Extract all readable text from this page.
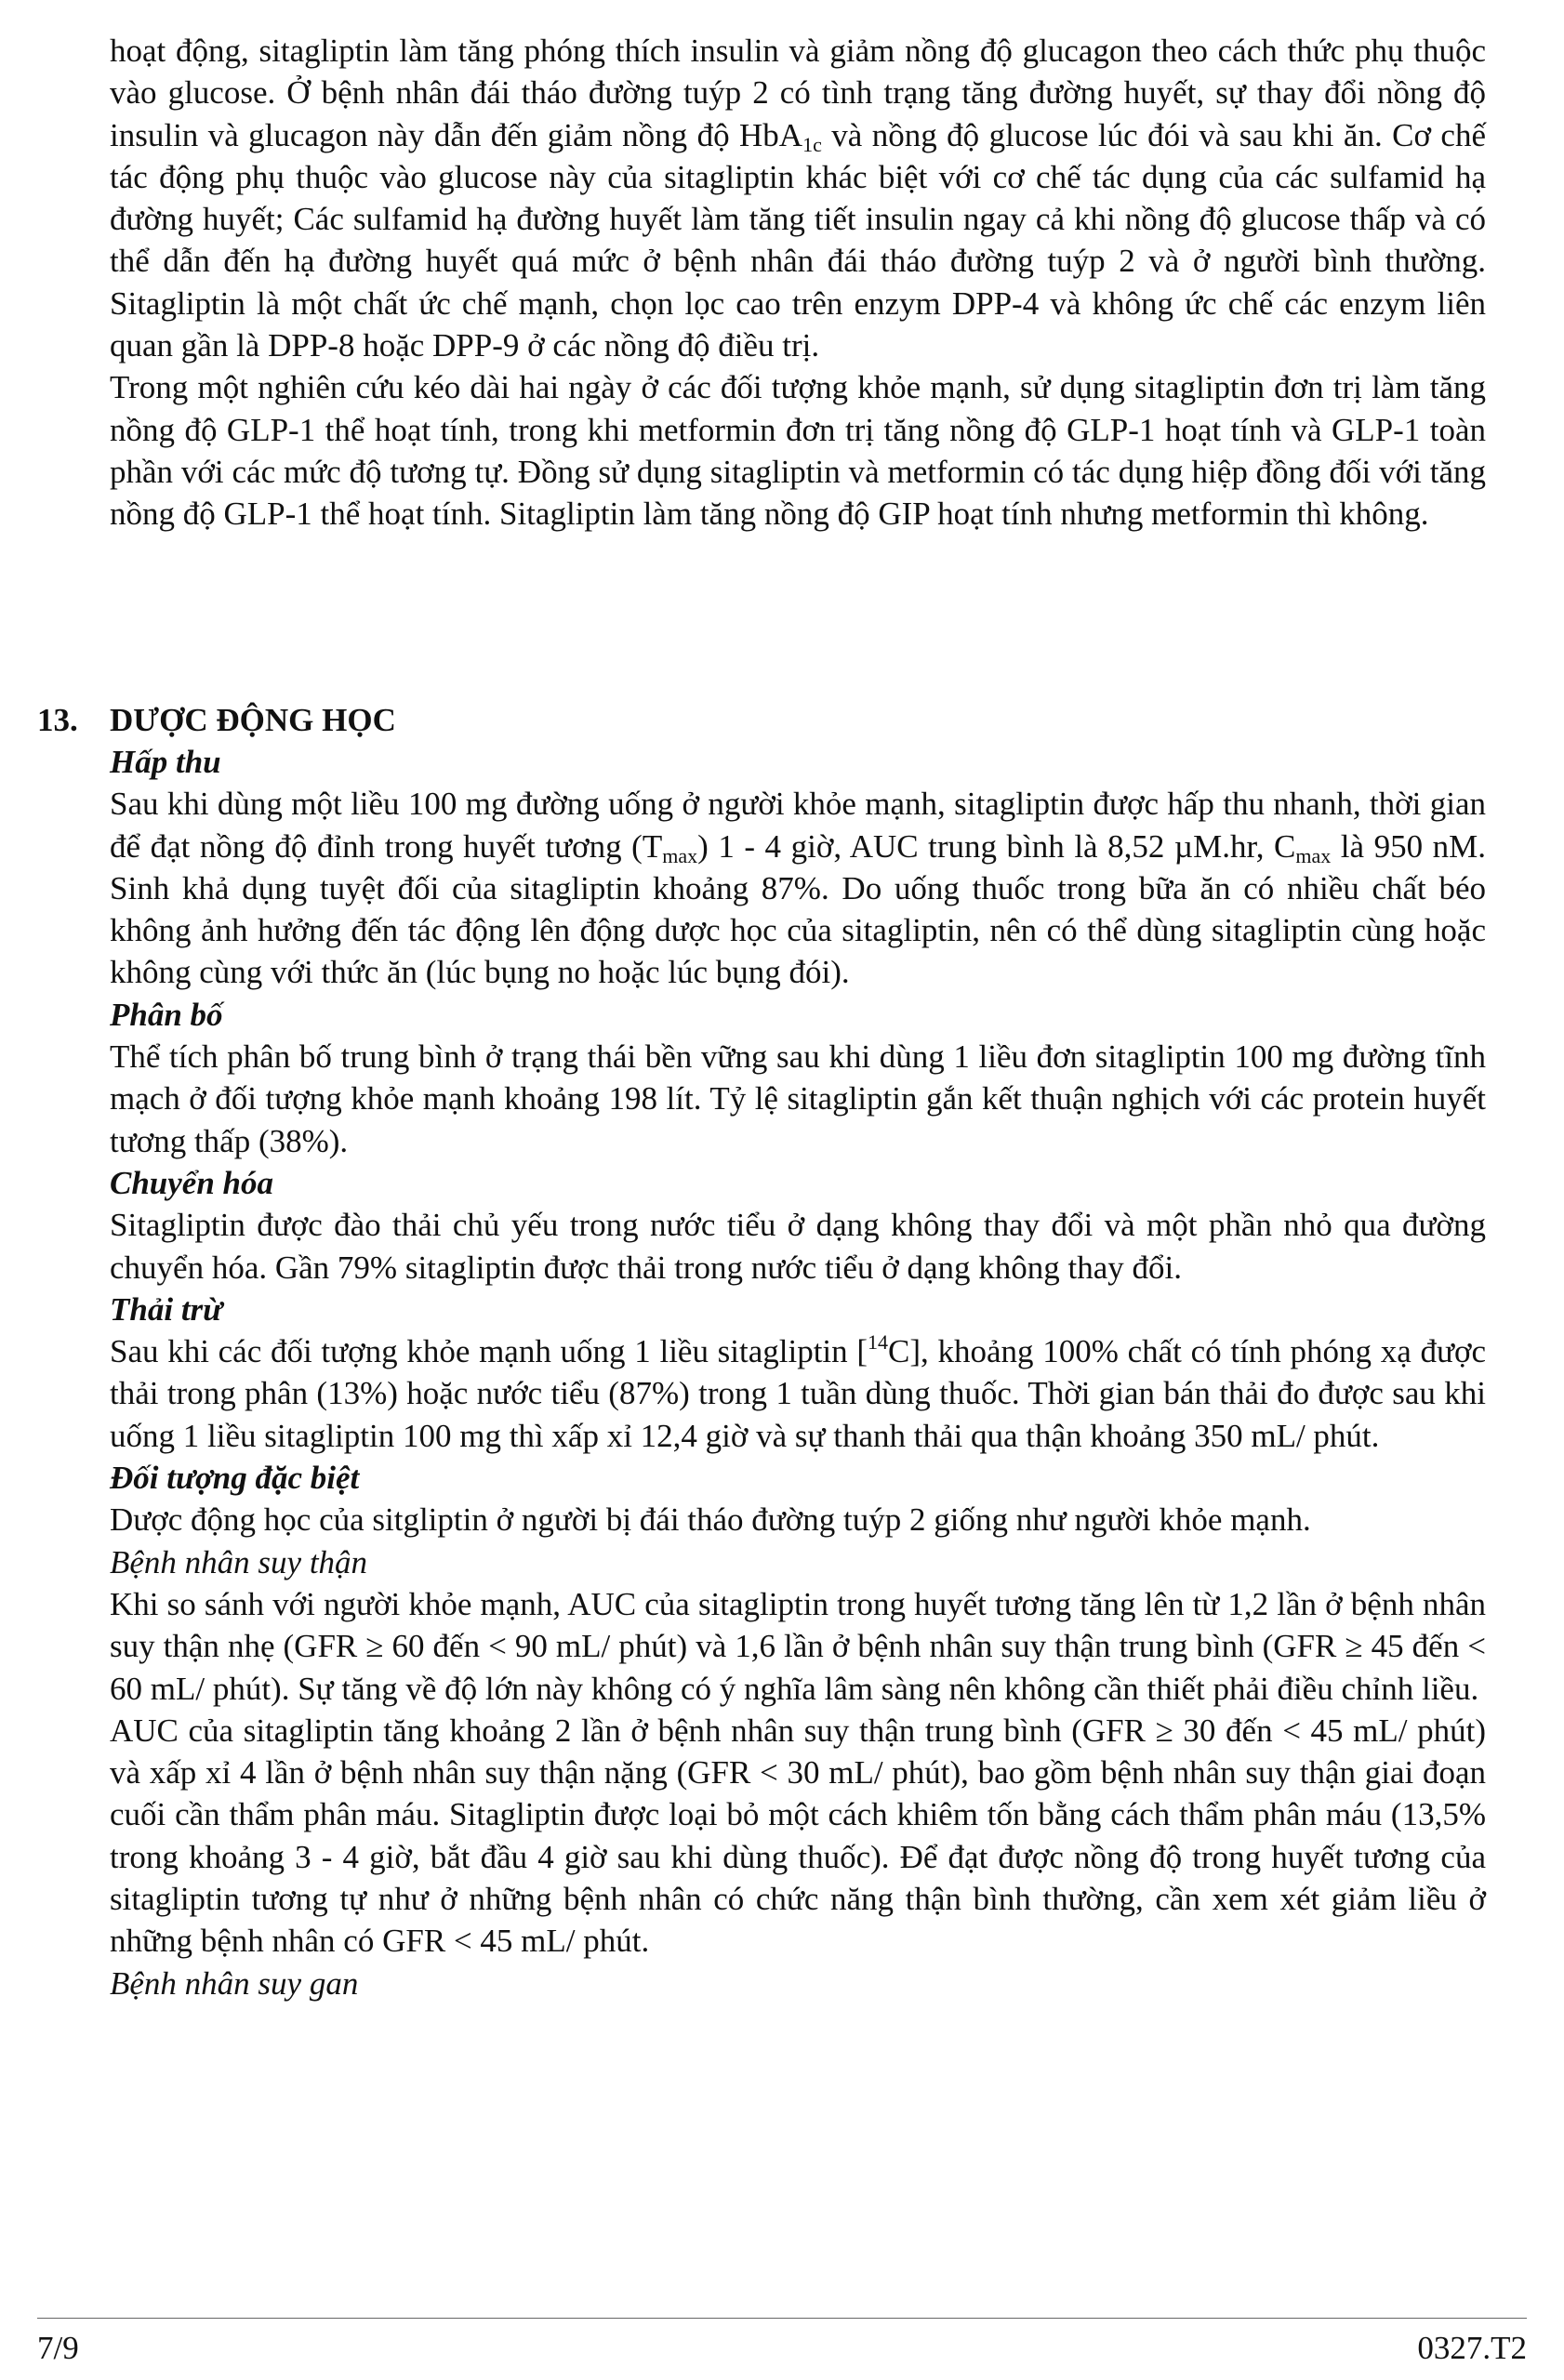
hoạt động, sitagliptin làm tăng phóng thích insulin và giảm nồng độ glucagon theo cách thức phụ thuộc vào glucose. Ở bệnh nhân đái tháo đường tuýp 2 có tình trạng tăng đường huyết, sự thay đổi nồng độ insulin và glucagon này dẫn đến giảm nồng độ HbA$_{1c}$ và nồng độ glucose lúc đói và sau khi ăn. Cơ chế tác động phụ thuộc vào glucose này của sitagliptin khác biệt với cơ chế tác dụng của các sulfamid hạ đường huyết; Các sulfamid hạ đường huyết làm tăng tiết insulin ngay cả khi nồng độ glucose thấp và có thể dẫn đến hạ đường huyết quá mức ở bệnh nhân đái tháo đường tuýp 2 và ở người bình thường. Sitagliptin là một chất ức chế mạnh, chọn lọc cao trên enzym DPP-4 và không ức chế các enzym liên quan gần là DPP-8 hoặc DPP-9 ở các nồng độ điều trị.

Trong một nghiên cứu kéo dài hai ngày ở các đối tượng khỏe mạnh, sử dụng sitagliptin đơn trị làm tăng nồng độ GLP-1 thể hoạt tính, trong khi metformin đơn trị tăng nồng độ GLP-1 hoạt tính và GLP-1 toàn phần với các mức độ tương tự. Đồng sử dụng sitagliptin và metformin có tác dụng hiệp đồng đối với tăng nồng độ GLP-1 thể hoạt tính. Sitagliptin làm tăng nồng độ GIP hoạt tính nhưng metformin thì không.

13. DƯỢC ĐỘNG HỌC
Hấp thu

Sau khi dùng một liều 100 mg đường uống ở người khỏe mạnh, sitagliptin được hấp thu nhanh, thời gian để đạt nồng độ đỉnh trong huyết tương $(T_{max})$ 1 - 4 giờ, AUC trung bình là 8,52 µM.hr, $C_{max}$ là 950 nM. Sinh khả dụng tuyệt đối của sitagliptin khoảng 87%. Do uống thuốc trong bữa ăn có nhiều chất béo không ảnh hưởng đến tác động lên động dược học của sitagliptin, nên có thể dùng sitagliptin cùng hoặc không cùng với thức ăn (lúc bụng no hoặc lúc bụng đói).

Phân bố

Thể tích phân bố trung bình ở trạng thái bền vững sau khi dùng 1 liều đơn sitagliptin 100 mg đường tĩnh mạch ở đối tượng khỏe mạnh khoảng 198 lít. Tỷ lệ sitagliptin gắn kết thuận nghịch với các protein huyết tương thấp (38%).

Chuyển hóa

Sitagliptin được đào thải chủ yếu trong nước tiểu ở dạng không thay đổi và một phần nhỏ qua đường chuyển hóa. Gần 79% sitagliptin được thải trong nước tiểu ở dạng không thay đổi.

Thải trừ

Sau khi các đối tượng khỏe mạnh uống 1 liều sitagliptin [$^{14}$C], khoảng 100% chất có tính phóng xạ được thải trong phân (13%) hoặc nước tiểu (87%) trong 1 tuần dùng thuốc. Thời gian bán thải đo được sau khi uống 1 liều sitagliptin 100 mg thì xấp xỉ 12,4 giờ và sự thanh thải qua thận khoảng 350 mL/ phút.

Đối tượng đặc biệt

Dược động học của sitgliptin ở người bị đái tháo đường tuýp 2 giống như người khỏe mạnh.

Bệnh nhân suy thận

Khi so sánh với người khỏe mạnh, AUC của sitagliptin trong huyết tương tăng lên từ 1,2 lần ở bệnh nhân suy thận nhẹ (GFR ≥ 60 đến < 90 mL/ phút) và 1,6 lần ở bệnh nhân suy thận trung bình (GFR ≥ 45 đến < 60 mL/ phút). Sự tăng về độ lớn này không có ý nghĩa lâm sàng nên không cần thiết phải điều chỉnh liều.

AUC của sitagliptin tăng khoảng 2 lần ở bệnh nhân suy thận trung bình (GFR ≥ 30 đến < 45 mL/ phút) và xấp xỉ 4 lần ở bệnh nhân suy thận nặng (GFR < 30 mL/ phút), bao gồm bệnh nhân suy thận giai đoạn cuối cần thẩm phân máu. Sitagliptin được loại bỏ một cách khiêm tốn bằng cách thẩm phân máu (13,5% trong khoảng 3 - 4 giờ, bắt đầu 4 giờ sau khi dùng thuốc). Để đạt được nồng độ trong huyết tương của sitagliptin tương tự như ở những bệnh nhân có chức năng thận bình thường, cần xem xét giảm liều ở những bệnh nhân có GFR < 45 mL/ phút.

Bệnh nhân suy gan
7/9	0327.T2
